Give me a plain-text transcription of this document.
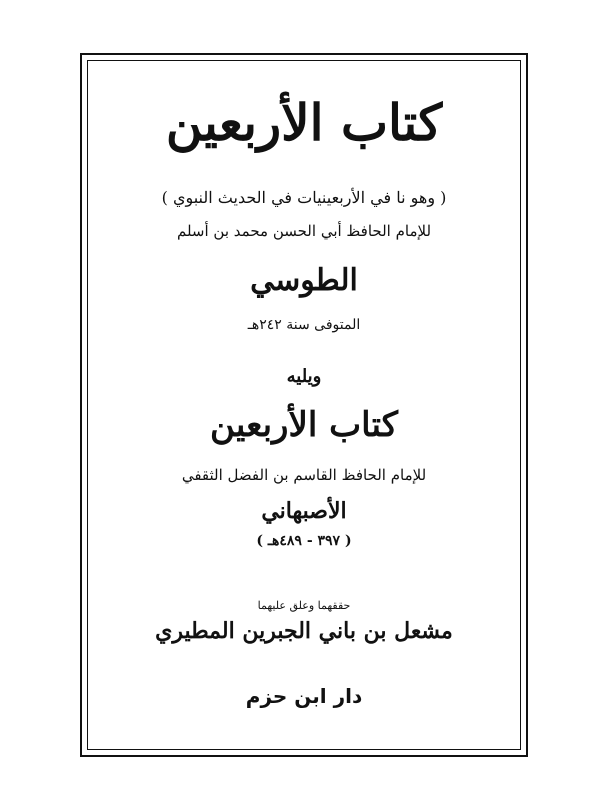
كتاب الأربعين
( وهو نا في الأربعينيات في الحديث النبوي )
للإمام الحافظ أبي الحسن محمد بن أسلم
الطوسي
المتوفى سنة ٢٤٢هـ
ويليه
كتاب الأربعين
للإمام الحافظ القاسم بن الفضل الثقفي
الأصبهاني
( ٣٩٧ - ٤٨٩هـ )
حققهما وعلق عليهما
مشعل بن باني الجبرين المطيري
دار ابن حزم
